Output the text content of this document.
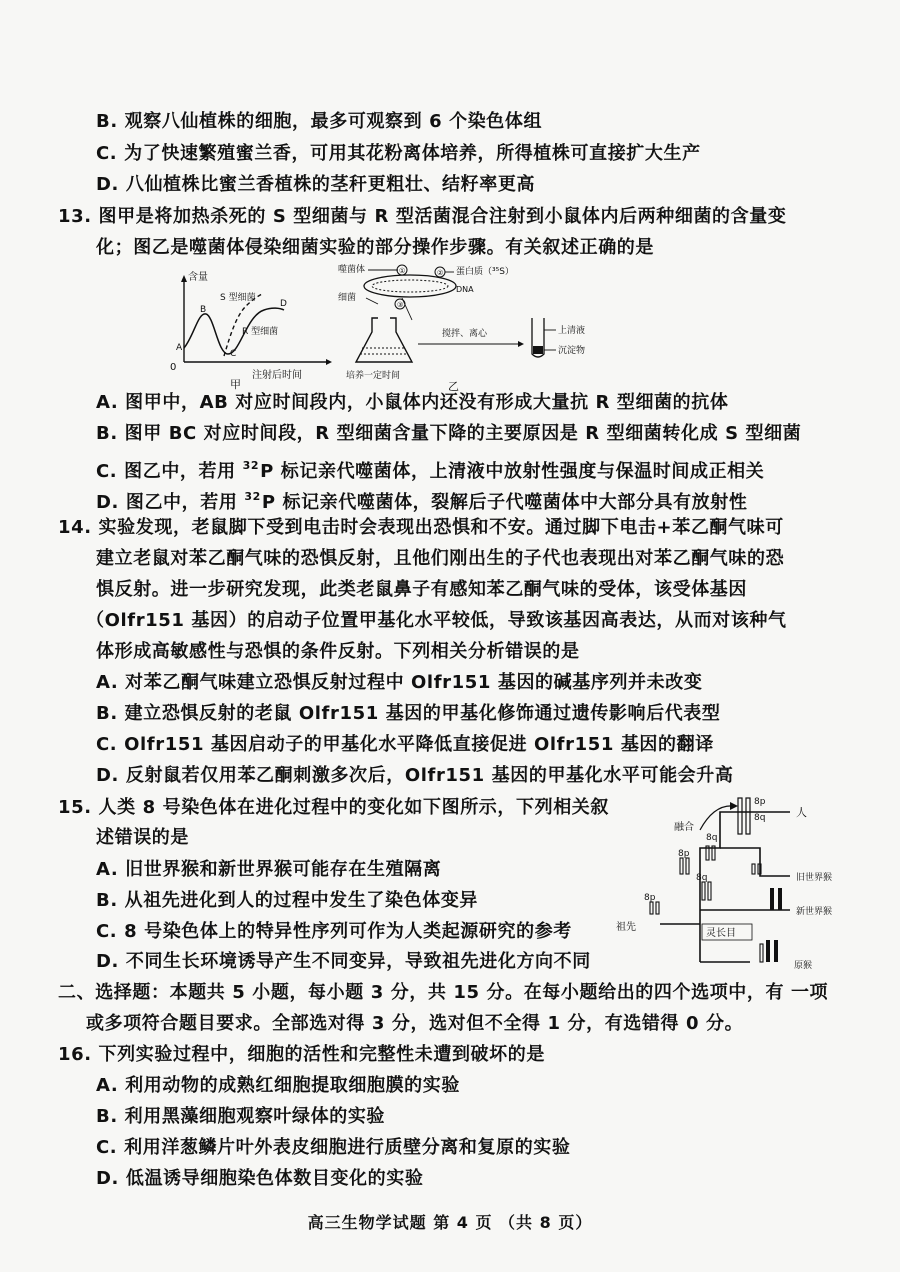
B. 观察八仙植株的细胞，最多可观察到 6 个染色体组
C. 为了快速繁殖蜜兰香，可用其花粉离体培养，所得植株可直接扩大生产
D. 八仙植株比蜜兰香植株的茎秆更粗壮、结籽率更高
13. 图甲是将加热杀死的 S 型细菌与 R 型活菌混合注射到小鼠体内后两种细菌的含量变
化；图乙是噬菌体侵染细菌实验的部分操作步骤。有关叙述正确的是
含量
注射后时间
0
S 型细菌
R 型细菌
A
B
C
D
甲
①	②
③
噬菌体	蛋白质（³⁵S）
DNA
细菌
培养一定时间
搅拌、离心	上清液
沉淀物
乙
A. 图甲中，AB 对应时间段内，小鼠体内还没有形成大量抗 R 型细菌的抗体
B. 图甲 BC 对应时间段，R 型细菌含量下降的主要原因是 R 型细菌转化成 S 型细菌
C. 图乙中，若用 $^{32}$P 标记亲代噬菌体，上清液中放射性强度与保温时间成正相关
D. 图乙中，若用 $^{32}$P 标记亲代噬菌体，裂解后子代噬菌体中大部分具有放射性
14. 实验发现，老鼠脚下受到电击时会表现出恐惧和不安。通过脚下电击+苯乙酮气味可
建立老鼠对苯乙酮气味的恐惧反射，且他们刚出生的子代也表现出对苯乙酮气味的恐
惧反射。进一步研究发现，此类老鼠鼻子有感知苯乙酮气味的受体，该受体基因
（Olfr151 基因）的启动子位置甲基化水平较低，导致该基因高表达，从而对该种气
体形成高敏感性与恐惧的条件反射。下列相关分析错误的是
A. 对苯乙酮气味建立恐惧反射过程中 Olfr151 基因的碱基序列并未改变
B. 建立恐惧反射的老鼠 Olfr151 基因的甲基化修饰通过遗传影响后代表型
C. Olfr151 基因启动子的甲基化水平降低直接促进 Olfr151 基因的翻译
D. 反射鼠若仅用苯乙酮刺激多次后，Olfr151 基因的甲基化水平可能会升高
15. 人类 8 号染色体在进化过程中的变化如下图所示，下列相关叙
述错误的是
A. 旧世界猴和新世界猴可能存在生殖隔离
B. 从祖先进化到人的过程中发生了染色体变异
C. 8 号染色体上的特异性序列可作为人类起源研究的参考
D. 不同生长环境诱导产生不同变异，导致祖先进化方向不同
融合
8p
8q	人
8q
8p
8q
8p
旧世界猴
新世界猴
原猴
祖先
灵长目
二、选择题：本题共 5 小题，每小题 3 分，共 15 分。在每小题给出的四个选项中，有 一项
或多项符合题目要求。全部选对得 3 分，选对但不全得 1 分，有选错得 0 分。
16. 下列实验过程中，细胞的活性和完整性未遭到破坏的是
A. 利用动物的成熟红细胞提取细胞膜的实验
B. 利用黑藻细胞观察叶绿体的实验
C. 利用洋葱鳞片叶外表皮细胞进行质壁分离和复原的实验
D. 低温诱导细胞染色体数目变化的实验
高三生物学试题 第 4 页 （共 8 页）
